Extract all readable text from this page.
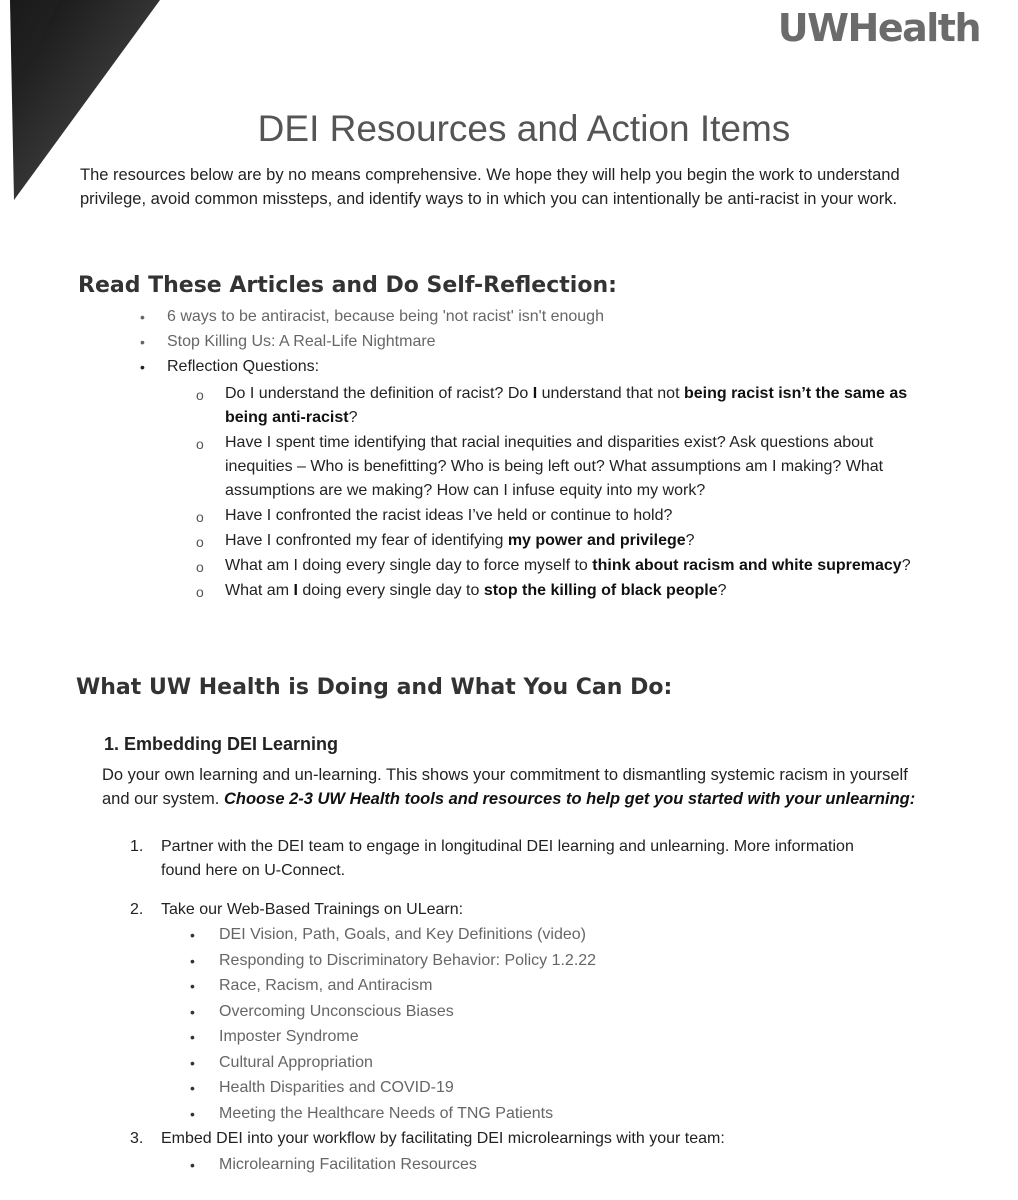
UWHealth
DEI Resources and Action Items

The resources below are by no means comprehensive. We hope they will help you begin the work to understand privilege, avoid common missteps, and identify ways to in which you can intentionally be anti-racist in your work.

Read These Articles and Do Self-Reflection:
• 6 ways to be antiracist, because being 'not racist' isn't enough
• Stop Killing Us: A Real-Life Nightmare
• Reflection Questions:
o Do I understand the definition of racist? Do I understand that not being racist isn’t the same as being anti-racist?
o Have I spent time identifying that racial inequities and disparities exist? Ask questions about inequities – Who is benefitting? Who is being left out? What assumptions am I making? What assumptions are we making? How can I infuse equity into my work?
o Have I confronted the racist ideas I’ve held or continue to hold?
o Have I confronted my fear of identifying my power and privilege?
o What am I doing every single day to force myself to think about racism and white supremacy?
o What am I doing every single day to stop the killing of black people?
What UW Health is Doing and What You Can Do:
1. Embedding DEI Learning

Do your own learning and un-learning. This shows your commitment to dismantling systemic racism in yourself and our system. Choose 2-3 UW Health tools and resources to help get you started with your unlearning:

1. Partner with the DEI team to engage in longitudinal DEI learning and unlearning. More information found here on U-Connect.
2. Take our Web-Based Trainings on ULearn:
• DEI Vision, Path, Goals, and Key Definitions (video)
• Responding to Discriminatory Behavior: Policy 1.2.22
• Race, Racism, and Antiracism
• Overcoming Unconscious Biases
• Imposter Syndrome
• Cultural Appropriation
• Health Disparities and COVID-19
• Meeting the Healthcare Needs of TNG Patients
3. Embed DEI into your workflow by facilitating DEI microlearnings with your team:
• Microlearning Facilitation Resources
